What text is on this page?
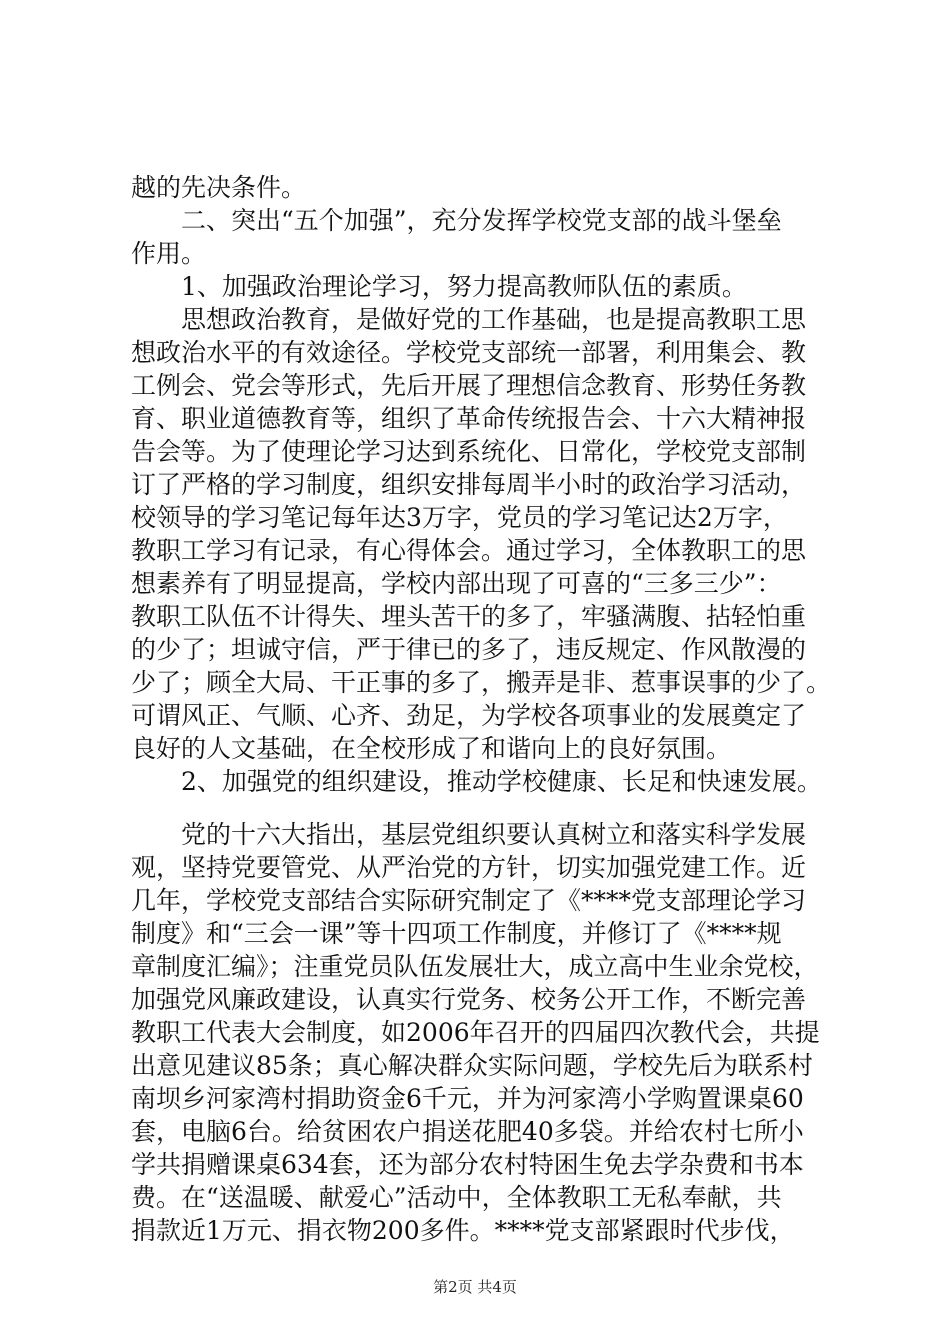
越的先决条件。
二、突出“五个加强”，充分发挥学校党支部的战斗堡垒
作用。
1、加强政治理论学习，努力提高教师队伍的素质。
思想政治教育，是做好党的工作基础，也是提高教职工思
想政治水平的有效途径。学校党支部统一部署，利用集会、教
工例会、党会等形式，先后开展了理想信念教育、形势任务教
育、职业道德教育等，组织了革命传统报告会、十六大精神报
告会等。为了使理论学习达到系统化、日常化，学校党支部制
订了严格的学习制度，组织安排每周半小时的政治学习活动，
校领导的学习笔记每年达3万字，党员的学习笔记达2万字，
教职工学习有记录，有心得体会。通过学习，全体教职工的思
想素养有了明显提高，学校内部出现了可喜的“三多三少”：
教职工队伍不计得失、埋头苦干的多了，牢骚满腹、拈轻怕重
的少了；坦诚守信，严于律已的多了，违反规定、作风散漫的
少了；顾全大局、干正事的多了，搬弄是非、惹事误事的少了。
可谓风正、气顺、心齐、劲足，为学校各项事业的发展奠定了
良好的人文基础，在全校形成了和谐向上的良好氛围。
2、加强党的组织建设，推动学校健康、长足和快速发展。
党的十六大指出，基层党组织要认真树立和落实科学发展
观，坚持党要管党、从严治党的方针，切实加强党建工作。近
几年，学校党支部结合实际研究制定了《****党支部理论学习
制度》和“三会一课”等十四项工作制度，并修订了《****规
章制度汇编》；注重党员队伍发展壮大，成立高中生业余党校，
加强党风廉政建设，认真实行党务、校务公开工作，不断完善
教职工代表大会制度，如2006年召开的四届四次教代会，共提
出意见建议85条；真心解决群众实际问题，学校先后为联系村
南坝乡河家湾村捐助资金6千元，并为河家湾小学购置课桌60
套，电脑6台。给贫困农户捐送花肥40多袋。并给农村七所小
学共捐赠课桌634套，还为部分农村特困生免去学杂费和书本
费。在“送温暖、献爱心”活动中，全体教职工无私奉献，共
捐款近1万元、捐衣物200多件。****党支部紧跟时代步伐，
第2页 共4页
